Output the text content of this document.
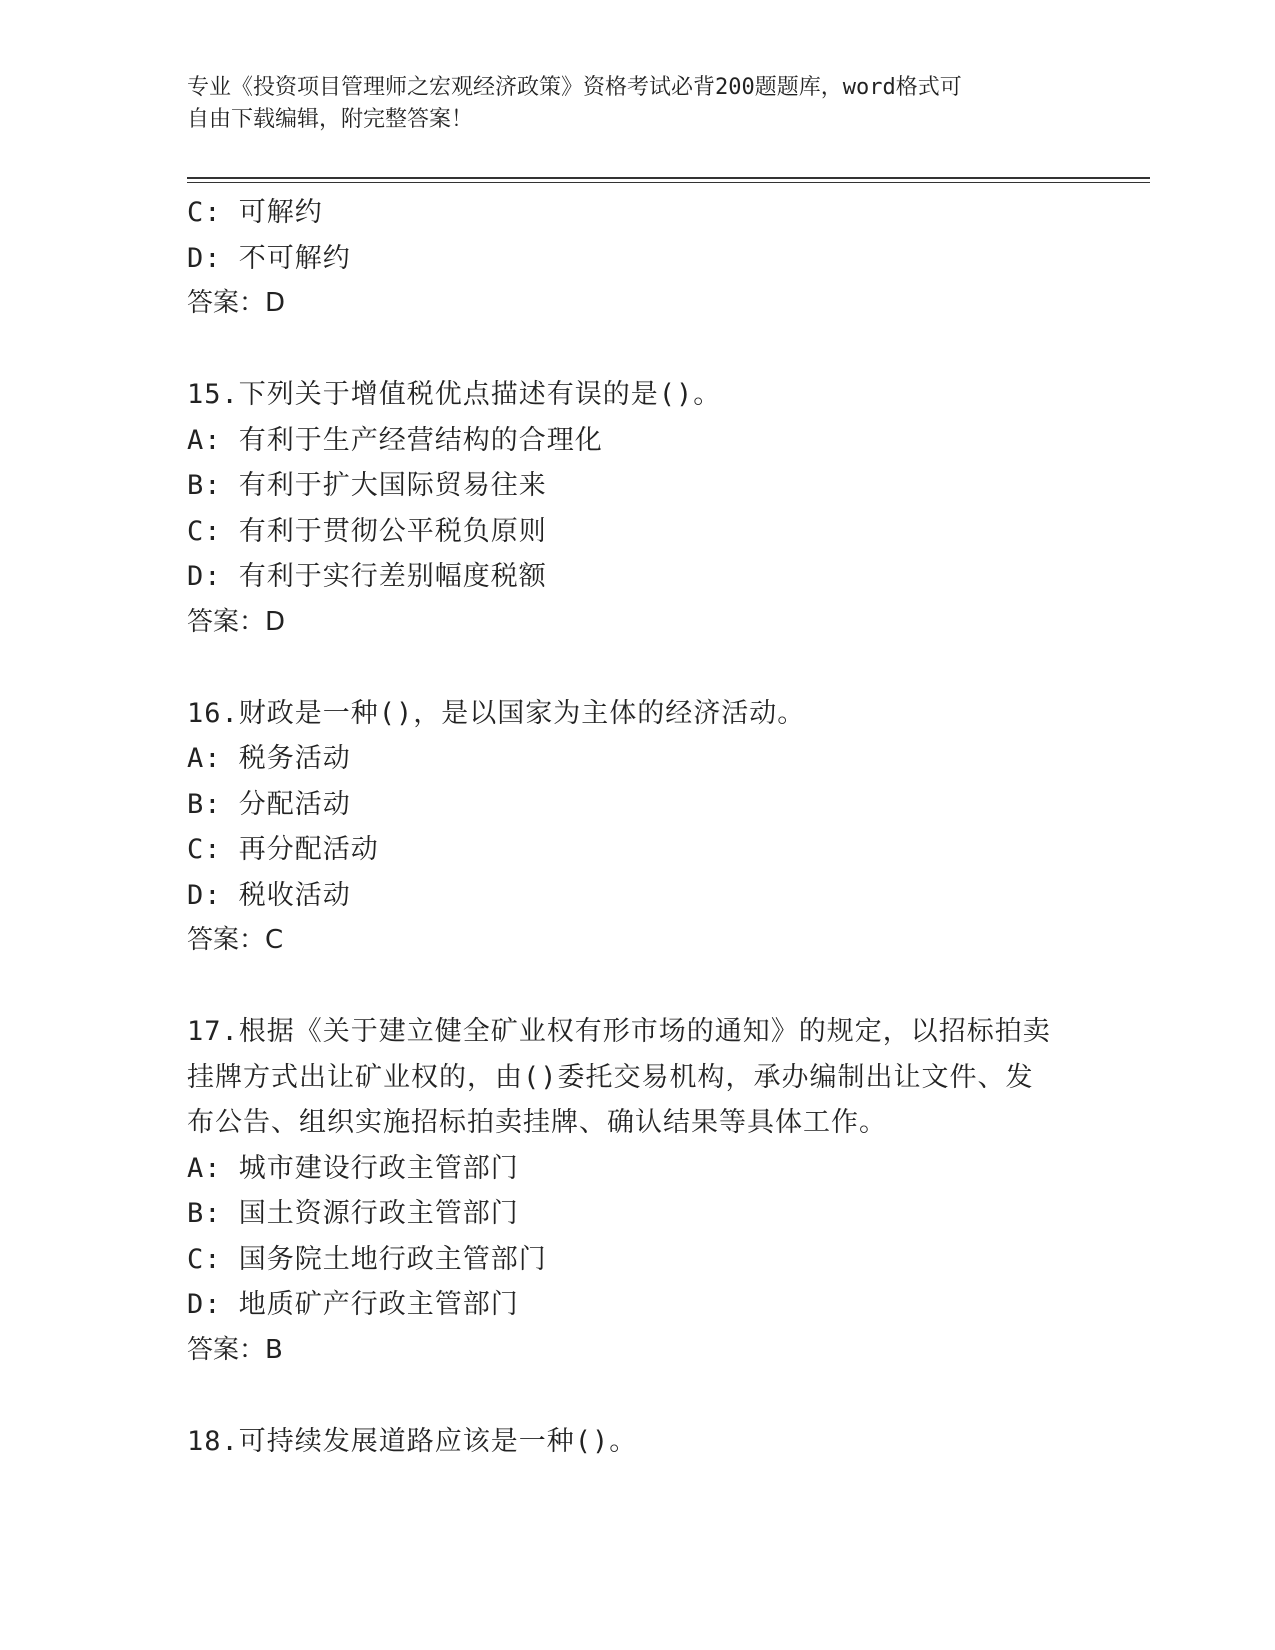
专业《投资项目管理师之宏观经济政策》资格考试必背200题题库，word格式可
自由下载编辑，附完整答案！
C: 可解约
D: 不可解约
答案：D
15.下列关于增值税优点描述有误的是()。
A: 有利于生产经营结构的合理化
B: 有利于扩大国际贸易往来
C: 有利于贯彻公平税负原则
D: 有利于实行差别幅度税额
答案：D
16.财政是一种()，是以国家为主体的经济活动。
A: 税务活动
B: 分配活动
C: 再分配活动
D: 税收活动
答案：C
17.根据《关于建立健全矿业权有形市场的通知》的规定，以招标拍卖
挂牌方式出让矿业权的，由()委托交易机构，承办编制出让文件、发
布公告、组织实施招标拍卖挂牌、确认结果等具体工作。
A: 城市建设行政主管部门
B: 国土资源行政主管部门
C: 国务院土地行政主管部门
D: 地质矿产行政主管部门
答案：B
18.可持续发展道路应该是一种()。
